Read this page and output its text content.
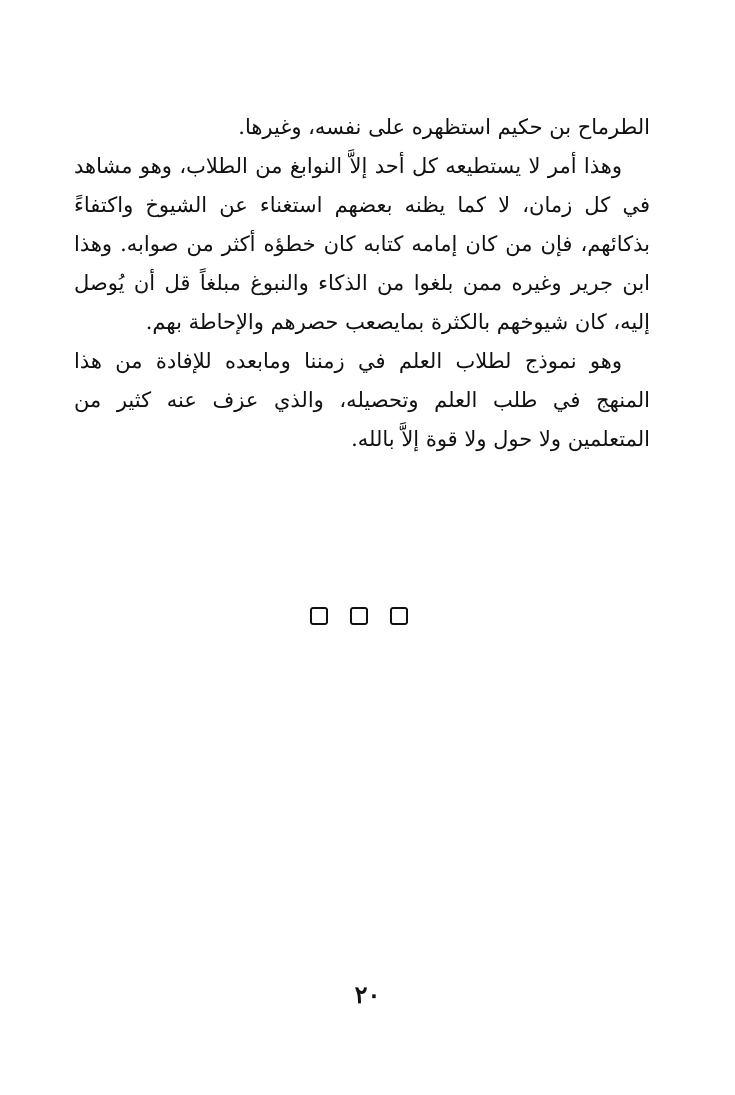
الطرماح بن حكيم استظهره على نفسه، وغيرها.

وهذا أمر لا يستطيعه كل أحد إلاَّ النوابغ من الطلاب، وهو مشاهد في كل زمان، لا كما يظنه بعضهم استغناء عن الشيوخ واكتفاءً بذكائهم، فإن من كان إمامه كتابه كان خطؤه أكثر من صوابه. وهذا ابن جرير وغيره ممن بلغوا من الذكاء والنبوغ مبلغاً قل أن يُوصل إليه، كان شيوخهم بالكثرة بمايصعب حصرهم والإحاطة بهم.

وهو نموذج لطلاب العلم في زمننا ومابعده للإفادة من هذا المنهج في طلب العلم وتحصيله، والذي عزف عنه كثير من المتعلمين ولا حول ولا قوة إلاَّ بالله.

٢٠
